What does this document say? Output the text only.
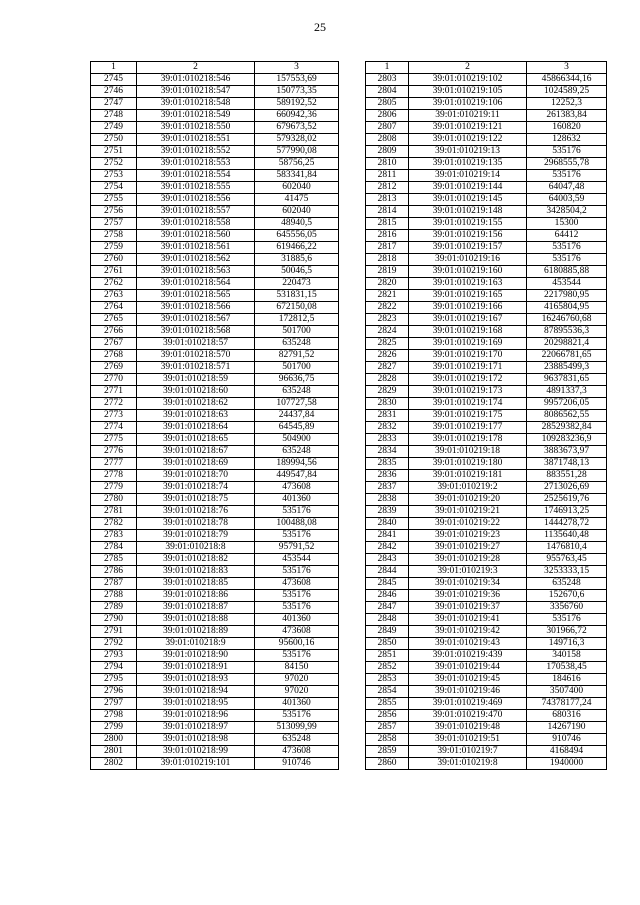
25
1	2	3
2745	39:01:010218:546	157553,69
2746	39:01:010218:547	150773,35
2747	39:01:010218:548	589192,52
2748	39:01:010218:549	660942,36
2749	39:01:010218:550	679673,52
2750	39:01:010218:551	579328,02
2751	39:01:010218:552	577990,08
2752	39:01:010218:553	58756,25
2753	39:01:010218:554	583341,84
2754	39:01:010218:555	602040
2755	39:01:010218:556	41475
2756	39:01:010218:557	602040
2757	39:01:010218:558	48940,5
2758	39:01:010218:560	645556,05
2759	39:01:010218:561	619466,22
2760	39:01:010218:562	31885,6
2761	39:01:010218:563	50046,5
2762	39:01:010218:564	220473
2763	39:01:010218:565	531831,15
2764	39:01:010218:566	672150,08
2765	39:01:010218:567	172812,5
2766	39:01:010218:568	501700
2767	39:01:010218:57	635248
2768	39:01:010218:570	82791,52
2769	39:01:010218:571	501700
2770	39:01:010218:59	96636,75
2771	39:01:010218:60	635248
2772	39:01:010218:62	107727,58
2773	39:01:010218:63	24437,84
2774	39:01:010218:64	64545,89
2775	39:01:010218:65	504900
2776	39:01:010218:67	635248
2777	39:01:010218:69	189994,56
2778	39:01:010218:70	449547,84
2779	39:01:010218:74	473608
2780	39:01:010218:75	401360
2781	39:01:010218:76	535176
2782	39:01:010218:78	100488,08
2783	39:01:010218:79	535176
2784	39:01:010218:8	95791,52
2785	39:01:010218:82	453544
2786	39:01:010218:83	535176
2787	39:01:010218:85	473608
2788	39:01:010218:86	535176
2789	39:01:010218:87	535176
2790	39:01:010218:88	401360
2791	39:01:010218:89	473608
2792	39:01:010218:9	95600,16
2793	39:01:010218:90	535176
2794	39:01:010218:91	84150
2795	39:01:010218:93	97020
2796	39:01:010218:94	97020
2797	39:01:010218:95	401360
2798	39:01:010218:96	535176
2799	39:01:010218:97	513099,99
2800	39:01:010218:98	635248
2801	39:01:010218:99	473608
2802	39:01:010219:101	910746
1	2	3
2803	39:01:010219:102	45866344,16
2804	39:01:010219:105	1024589,25
2805	39:01:010219:106	12252,3
2806	39:01:010219:11	261383,84
2807	39:01:010219:121	160820
2808	39:01:010219:122	128632
2809	39:01:010219:13	535176
2810	39:01:010219:135	2968555,78
2811	39:01:010219:14	535176
2812	39:01:010219:144	64047,48
2813	39:01:010219:145	64003,59
2814	39:01:010219:148	3428504,2
2815	39:01:010219:155	15300
2816	39:01:010219:156	64412
2817	39:01:010219:157	535176
2818	39:01:010219:16	535176
2819	39:01:010219:160	6180885,88
2820	39:01:010219:163	453544
2821	39:01:010219:165	2217980,95
2822	39:01:010219:166	4165804,95
2823	39:01:010219:167	16246760,68
2824	39:01:010219:168	87895536,3
2825	39:01:010219:169	20298821,4
2826	39:01:010219:170	22066781,65
2827	39:01:010219:171	23885499,3
2828	39:01:010219:172	9637831,65
2829	39:01:010219:173	4891337,3
2830	39:01:010219:174	9957206,05
2831	39:01:010219:175	8086562,55
2832	39:01:010219:177	28529382,84
2833	39:01:010219:178	109283236,9
2834	39:01:010219:18	3883673,97
2835	39:01:010219:180	3871748,13
2836	39:01:010219:181	883551,28
2837	39:01:010219:2	2713026,69
2838	39:01:010219:20	2525619,76
2839	39:01:010219:21	1746913,25
2840	39:01:010219:22	1444278,72
2841	39:01:010219:23	1135640,48
2842	39:01:010219:27	1476810,4
2843	39:01:010219:28	955763,45
2844	39:01:010219:3	3253333,15
2845	39:01:010219:34	635248
2846	39:01:010219:36	152670,6
2847	39:01:010219:37	3356760
2848	39:01:010219:41	535176
2849	39:01:010219:42	301966,72
2850	39:01:010219:43	149716,3
2851	39:01:010219:439	340158
2852	39:01:010219:44	170538,45
2853	39:01:010219:45	184616
2854	39:01:010219:46	3507400
2855	39:01:010219:469	74378177,24
2856	39:01:010219:470	680316
2857	39:01:010219:48	14267190
2858	39:01:010219:51	910746
2859	39:01:010219:7	4168494
2860	39:01:010219:8	1940000
